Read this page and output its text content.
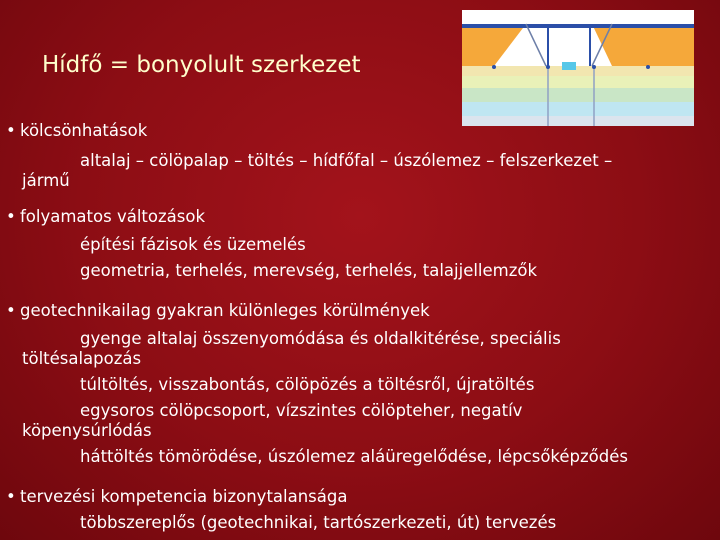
Hídfő = bonyolult szerkezet
• kölcsönhatások
altalaj – cölöpalap – töltés – hídfőfal – úszólemez – felszerkezet –
jármű
• folyamatos változások
építési fázisok és üzemelés
geometria, terhelés, merevség, terhelés, talajjellemzők
• geotechnikailag gyakran különleges körülmények
gyenge altalaj összenyomódása és oldalkitérése, speciális
töltésalapozás
túltöltés, visszabontás, cölöpözés a töltésről, újratöltés
egysoros cölöpcsoport, vízszintes cölöpteher, negatív
köpenysúrlódás
háttöltés tömörödése, úszólemez aláüregelődése, lépcsőképződés
• tervezési kompetencia bizonytalansága
többszereplős (geotechnikai, tartószerkezeti, út) tervezés
